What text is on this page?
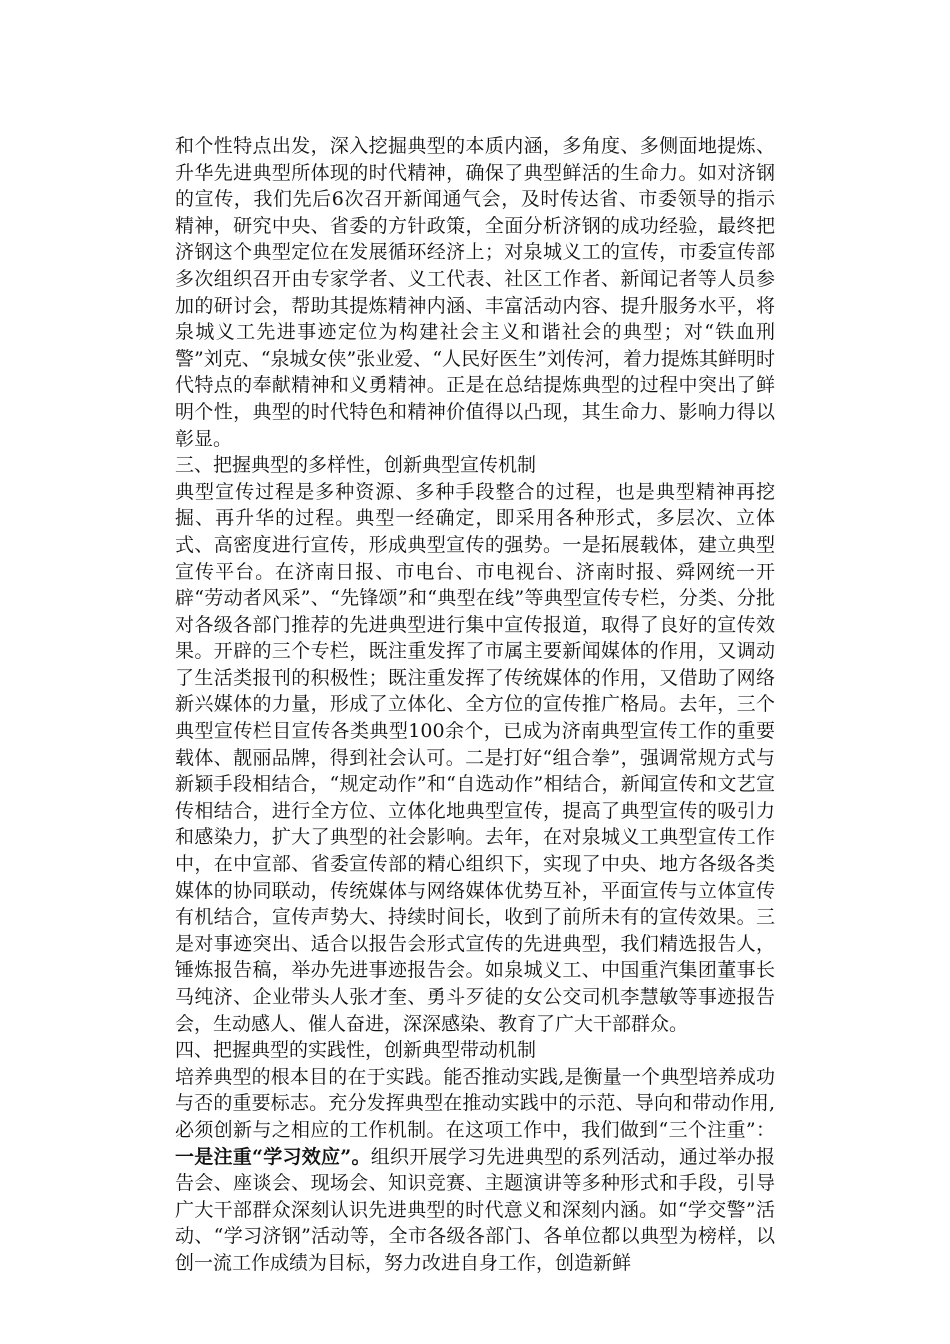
和个性特点出发，深入挖掘典型的本质内涵，多角度、多侧面地提炼、升华先进典型所体现的时代精神，确保了典型鲜活的生命力。如对济钢的宣传，我们先后6次召开新闻通气会，及时传达省、市委领导的指示精神，研究中央、省委的方针政策，全面分析济钢的成功经验，最终把济钢这个典型定位在发展循环经济上；对泉城义工的宣传，市委宣传部多次组织召开由专家学者、义工代表、社区工作者、新闻记者等人员参加的研讨会，帮助其提炼精神内涵、丰富活动内容、提升服务水平，将泉城义工先进事迹定位为构建社会主义和谐社会的典型；对“铁血刑警”刘克、“泉城女侠”张业爱、“人民好医生”刘传河，着力提炼其鲜明时代特点的奉献精神和义勇精神。正是在总结提炼典型的过程中突出了鲜明个性，典型的时代特色和精神价值得以凸现，其生命力、影响力得以彰显。

三、把握典型的多样性，创新典型宣传机制

典型宣传过程是多种资源、多种手段整合的过程，也是典型精神再挖掘、再升华的过程。典型一经确定，即采用各种形式，多层次、立体式、高密度进行宣传，形成典型宣传的强势。一是拓展载体，建立典型宣传平台。在济南日报、市电台、市电视台、济南时报、舜网统一开辟“劳动者风采”、“先锋颂”和“典型在线”等典型宣传专栏，分类、分批对各级各部门推荐的先进典型进行集中宣传报道，取得了良好的宣传效果。开辟的三个专栏，既注重发挥了市属主要新闻媒体的作用，又调动了生活类报刊的积极性；既注重发挥了传统媒体的作用，又借助了网络新兴媒体的力量，形成了立体化、全方位的宣传推广格局。去年，三个典型宣传栏目宣传各类典型100余个，已成为济南典型宣传工作的重要载体、靓丽品牌，得到社会认可。二是打好“组合拳”，强调常规方式与新颖手段相结合，“规定动作”和“自选动作”相结合，新闻宣传和文艺宣传相结合，进行全方位、立体化地典型宣传，提高了典型宣传的吸引力和感染力，扩大了典型的社会影响。去年，在对泉城义工典型宣传工作中，在中宣部、省委宣传部的精心组织下，实现了中央、地方各级各类媒体的协同联动，传统媒体与网络媒体优势互补，平面宣传与立体宣传有机结合，宣传声势大、持续时间长，收到了前所未有的宣传效果。三是对事迹突出、适合以报告会形式宣传的先进典型，我们精选报告人，锤炼报告稿，举办先进事迹报告会。如泉城义工、中国重汽集团董事长马纯济、企业带头人张才奎、勇斗歹徒的女公交司机李慧敏等事迹报告会，生动感人、催人奋进，深深感染、教育了广大干部群众。

四、把握典型的实践性，创新典型带动机制

培养典型的根本目的在于实践。能否推动实践,是衡量一个典型培养成功与否的重要标志。充分发挥典型在推动实践中的示范、导向和带动作用,必须创新与之相应的工作机制。在这项工作中，我们做到“三个注重”：一是注重“学习效应”。组织开展学习先进典型的系列活动，通过举办报告会、座谈会、现场会、知识竞赛、主题演讲等多种形式和手段，引导广大干部群众深刻认识先进典型的时代意义和深刻内涵。如“学交警”活动、“学习济钢”活动等，全市各级各部门、各单位都以典型为榜样，以创一流工作成绩为目标，努力改进自身工作，创造新鲜
